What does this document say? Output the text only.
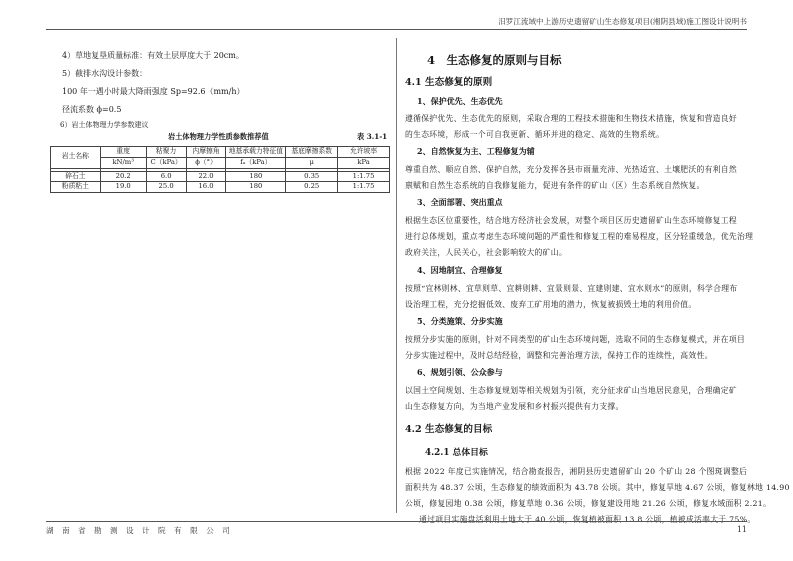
汨罗江流域中上游历史遗留矿山生态修复项目(湘阴县域)施工图设计说明书
4）草地复垦质量标准：有效土层厚度大于 20cm。
5）截排水沟设计参数：
100 年一遇小时最大降雨强度 Sp=92.6（mm/h）
径流系数 ϕ=0.5
6）岩土体物理力学参数建议
岩土体物理力学性质参数推荐值	表 3.1-1
岩土名称	重度	粘聚力	内摩擦角	地基承载力特征值	基底摩擦系数	允许坡率
	kN/m³	C（kPa）	ϕ（°）	fₐ（kPa）	μ	kPa

碎石土	20.2	6.0	22.0	180	0.35	1:1.75
粉质粘土	19.0	25.0	16.0	180	0.25	1:1.75
4　生态修复的原则与目标
4.1 生态修复的原则
1、保护优先、生态优先
遵循保护优先、生态优先的原则，采取合理的工程技术措施和生物技术措施，恢复和营造良好
的生态环境，形成一个可自我更新、循环并进的稳定、高效的生物系统。
2、自然恢复为主、工程修复为辅
尊重自然、顺应自然、保护自然，充分发挥各县市雨量充沛、光热适宜、土壤肥沃的有利自然
禀赋和自然生态系统的自我修复能力，促进有条件的矿山（区）生态系统自然恢复。
3、全面部署、突出重点
根据生态区位重要性，结合地方经济社会发展，对整个项目区历史遗留矿山生态环境修复工程
进行总体规划，重点考虑生态环境问题的严重性和修复工程的难易程度，区分轻重缓急，优先治理
政府关注，人民关心，社会影响较大的矿山。
4、因地制宜、合理修复
按照“宜林则林、宜草则草、宜耕则耕、宜景则景、宜建则建、宜水则水”的原则，科学合理布
设治理工程，充分挖掘低效、废弃工矿用地的潜力，恢复被损毁土地的利用价值。
5、分类施策、分步实施
按照分步实施的原则，针对不同类型的矿山生态环境问题，选取不同的生态修复模式，并在项目
分步实施过程中，及时总结经验，调整和完善治理方法，保持工作的连续性，高效性。
6、规划引领、公众参与
以国土空间规划、生态修复规划等相关规划为引领，充分征求矿山当地居民意见，合理确定矿
山生态修复方向，为当地产业发展和乡村振兴提供有力支撑。
4.2 生态修复的目标
4.2.1 总体目标
根据 2022 年度已实施情况，结合勘查报告，湘阴县历史遗留矿山 20 个矿山 28 个图斑调整后
面积共为 48.37 公顷，生态修复的绩效面积为 43.78 公顷。其中，修复旱地 4.67 公顷，修复林地 14.90
公顷，修复园地 0.38 公顷，修复草地 0.36 公顷，修复建设用地 21.26 公顷，修复水域面积 2.21。
通过项目实施盘活利用土地大于 40 公顷，恢复植被面积 13.8 公顷，植被成活率大于 75%。
湖 南 省 勘 测 设 计 院 有 限 公 司	11
